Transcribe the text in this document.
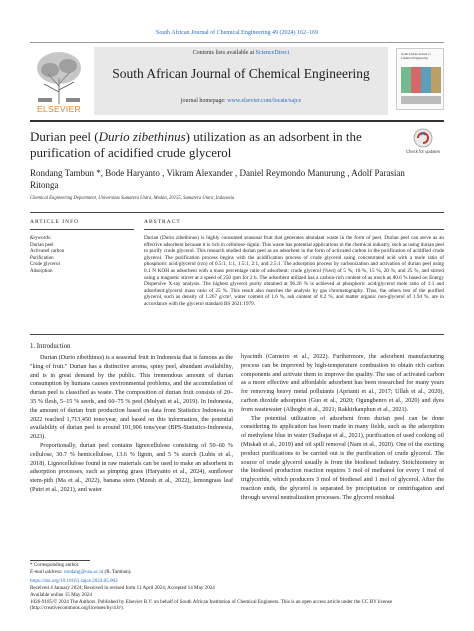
South African Journal of Chemical Engineering 49 (2024) 162–169
ELSEVIER
Contents lists available at ScienceDirect
South African Journal of Chemical Engineering
journal homepage: www.elsevier.com/locate/sajce
South African Journal of Chemical Engineering
Durian peel (Durio zibethinus) utilization as an adsorbent in the purification of acidified crude glycerol	Check for updates
Rondang Tambun *, Bode Haryanto , Vikram Alexander , Daniel Reymondo Manurung , Adolf Parasian Ritonga
Chemical Engineering Department, Universitas Sumatera Utara, Medan, 20155, Sumatera Utara, Indonesia
ARTICLE INFO	ABSTRACT
Keywords:
Durian peel
Activated carbon
Purification
Crude glycerol
Adsorption
Durian (Durio zibethinus) is highly consumed seasonal fruit that generates abundant waste in the form of peel. Durian peel can serve as an effective adsorbent because it is rich in cellulose–lignin. This waste has potential applications in the chemical industry, such as using durian peel to purify crude glycerol. This research studied durian peel as an adsorbent in the form of activated carbon in the purification of acidified crude glycerol. The purification process begins with the acidification process of crude glycerol using concentrated acid with a mole ratio of phosphoric acid/glycerol (n/n) of 0.5:1, 1:1, 1.5:1, 2:1, and 2.5:1. The adsorption process by carbonization and activation of durian peel using 0.1 N KOH as adsorbent with a mass percentage ratio of adsorbent: crude glycerol (%wt) of 5 %, 10 %, 15 %, 20 %, and 25 %, and stirred using a magnetic stirrer at a speed of 250 rpm for 2 h. The adsorbent utilized has a carbon-rich content of as much as 80.6 % based on Energy Dispersive X-ray analysis. The highest glycerol purity obtained at 96.26 % is achieved at phosphoric acid/glycerol mole ratio of 1:1 and adsorbent:glycerol mass ratio of 25 %. This result also matches the analysis by gas chromatography. Thus, the others test of the purified glycerol, such as density of 1.267 g/cm³, water content of 1.6 %, ash content of 0.2 %, and matter organic non-glycerol of 1.94 %, are in accordance with the glycerol standard BS 2621:1979.
1. Introduction
Durian (Durio zibethinus) is a seasonal fruit in Indonesia that is famous as the "king of fruit." Durian has a distinctive aroma, spiny peel, abundant availability, and is in great demand by the public. This tremendous amount of durian consumption by humans causes environmental problems, and the accumulation of durian peel is classified as waste. The composition of durian fruit consists of 20–35 % flesh, 5–15 % seeds, and 60–75 % peel (Mulyati et al., 2019). In Indonesia, the amount of durian fruit production based on data from Statistics Indonesia in 2022 reached 1,713,450 tons/year, and based on this information, the potential availability of durian peel is around 191,906 tons/year (BPS-Statistics-Indonesia, 2023).
Proportionally, durian peel contains lignocellulose consisting of 50–60 % cellulose, 30.7 % hemicellulose, 13.6 % lignin, and 5 % starch (Lubis et al., 2018). Lignocellulose found in raw materials can be used to make an adsorbent in adsorption processes, such as pimping grass (Haryanto et al., 2024), sunflower stem-pith (Ma et al., 2022), banana stem (Mzeah et al., 2022), lemongrass leaf (Putri et al., 2021), and water
hyacinth (Carneiro et al., 2022). Furthermore, the adsorbent manufacturing process can be improved by high-temperature combustion to obtain rich carbon components and activate them to improve the quality. The use of activated carbon as a more effective and affordable adsorbent has been researched for many years for removing heavy metal pollutants (Aprianti et al., 2017; Ullah et al., 2020), carbon dioxide adsorption (Guo et al., 2020; Ogungbenro et al., 2020) and dyes from wastewater (Alhogbi et al., 2021; Rakkirkanphun et al., 2021).
The potential utilization of adsorbent from durian peel can be done considering its application has been made in many fields, such as the adsorption of methylene blue in water (Sudrajat et al., 2021), purification of used cooking oil (Miskah et al., 2019) and oil spill removal (Nam et al., 2020). One of the exciting product purifications to be carried out is the purification of crude glycerol. The source of crude glycerol usually is from the biodiesel industry. Stoichiometry in the biodiesel production reaction requires 3 mol of methanol for every 1 mol of triglyceride, which producers 3 mol of biodiesel and 1 mol of glycerol. After the reaction ends, the glycerol is separated by precipitation or centrifugation and through several neutralization processes. The glycerol residual
* Corresponding author.
E-mail address: rondang@usu.ac.id (R. Tambun).
https://doi.org/10.1016/j.sajce.2024.05.002
Received 4 January 2024; Received in revised form 11 April 2024; Accepted 14 May 2024
Available online 15 May 2024
1026-9185/© 2024 The Authors. Published by Elsevier B.V. on behalf of South African Institution of Chemical Engineers. This is an open access article under the CC BY license (http://creativecommons.org/licenses/by/4.0/).
